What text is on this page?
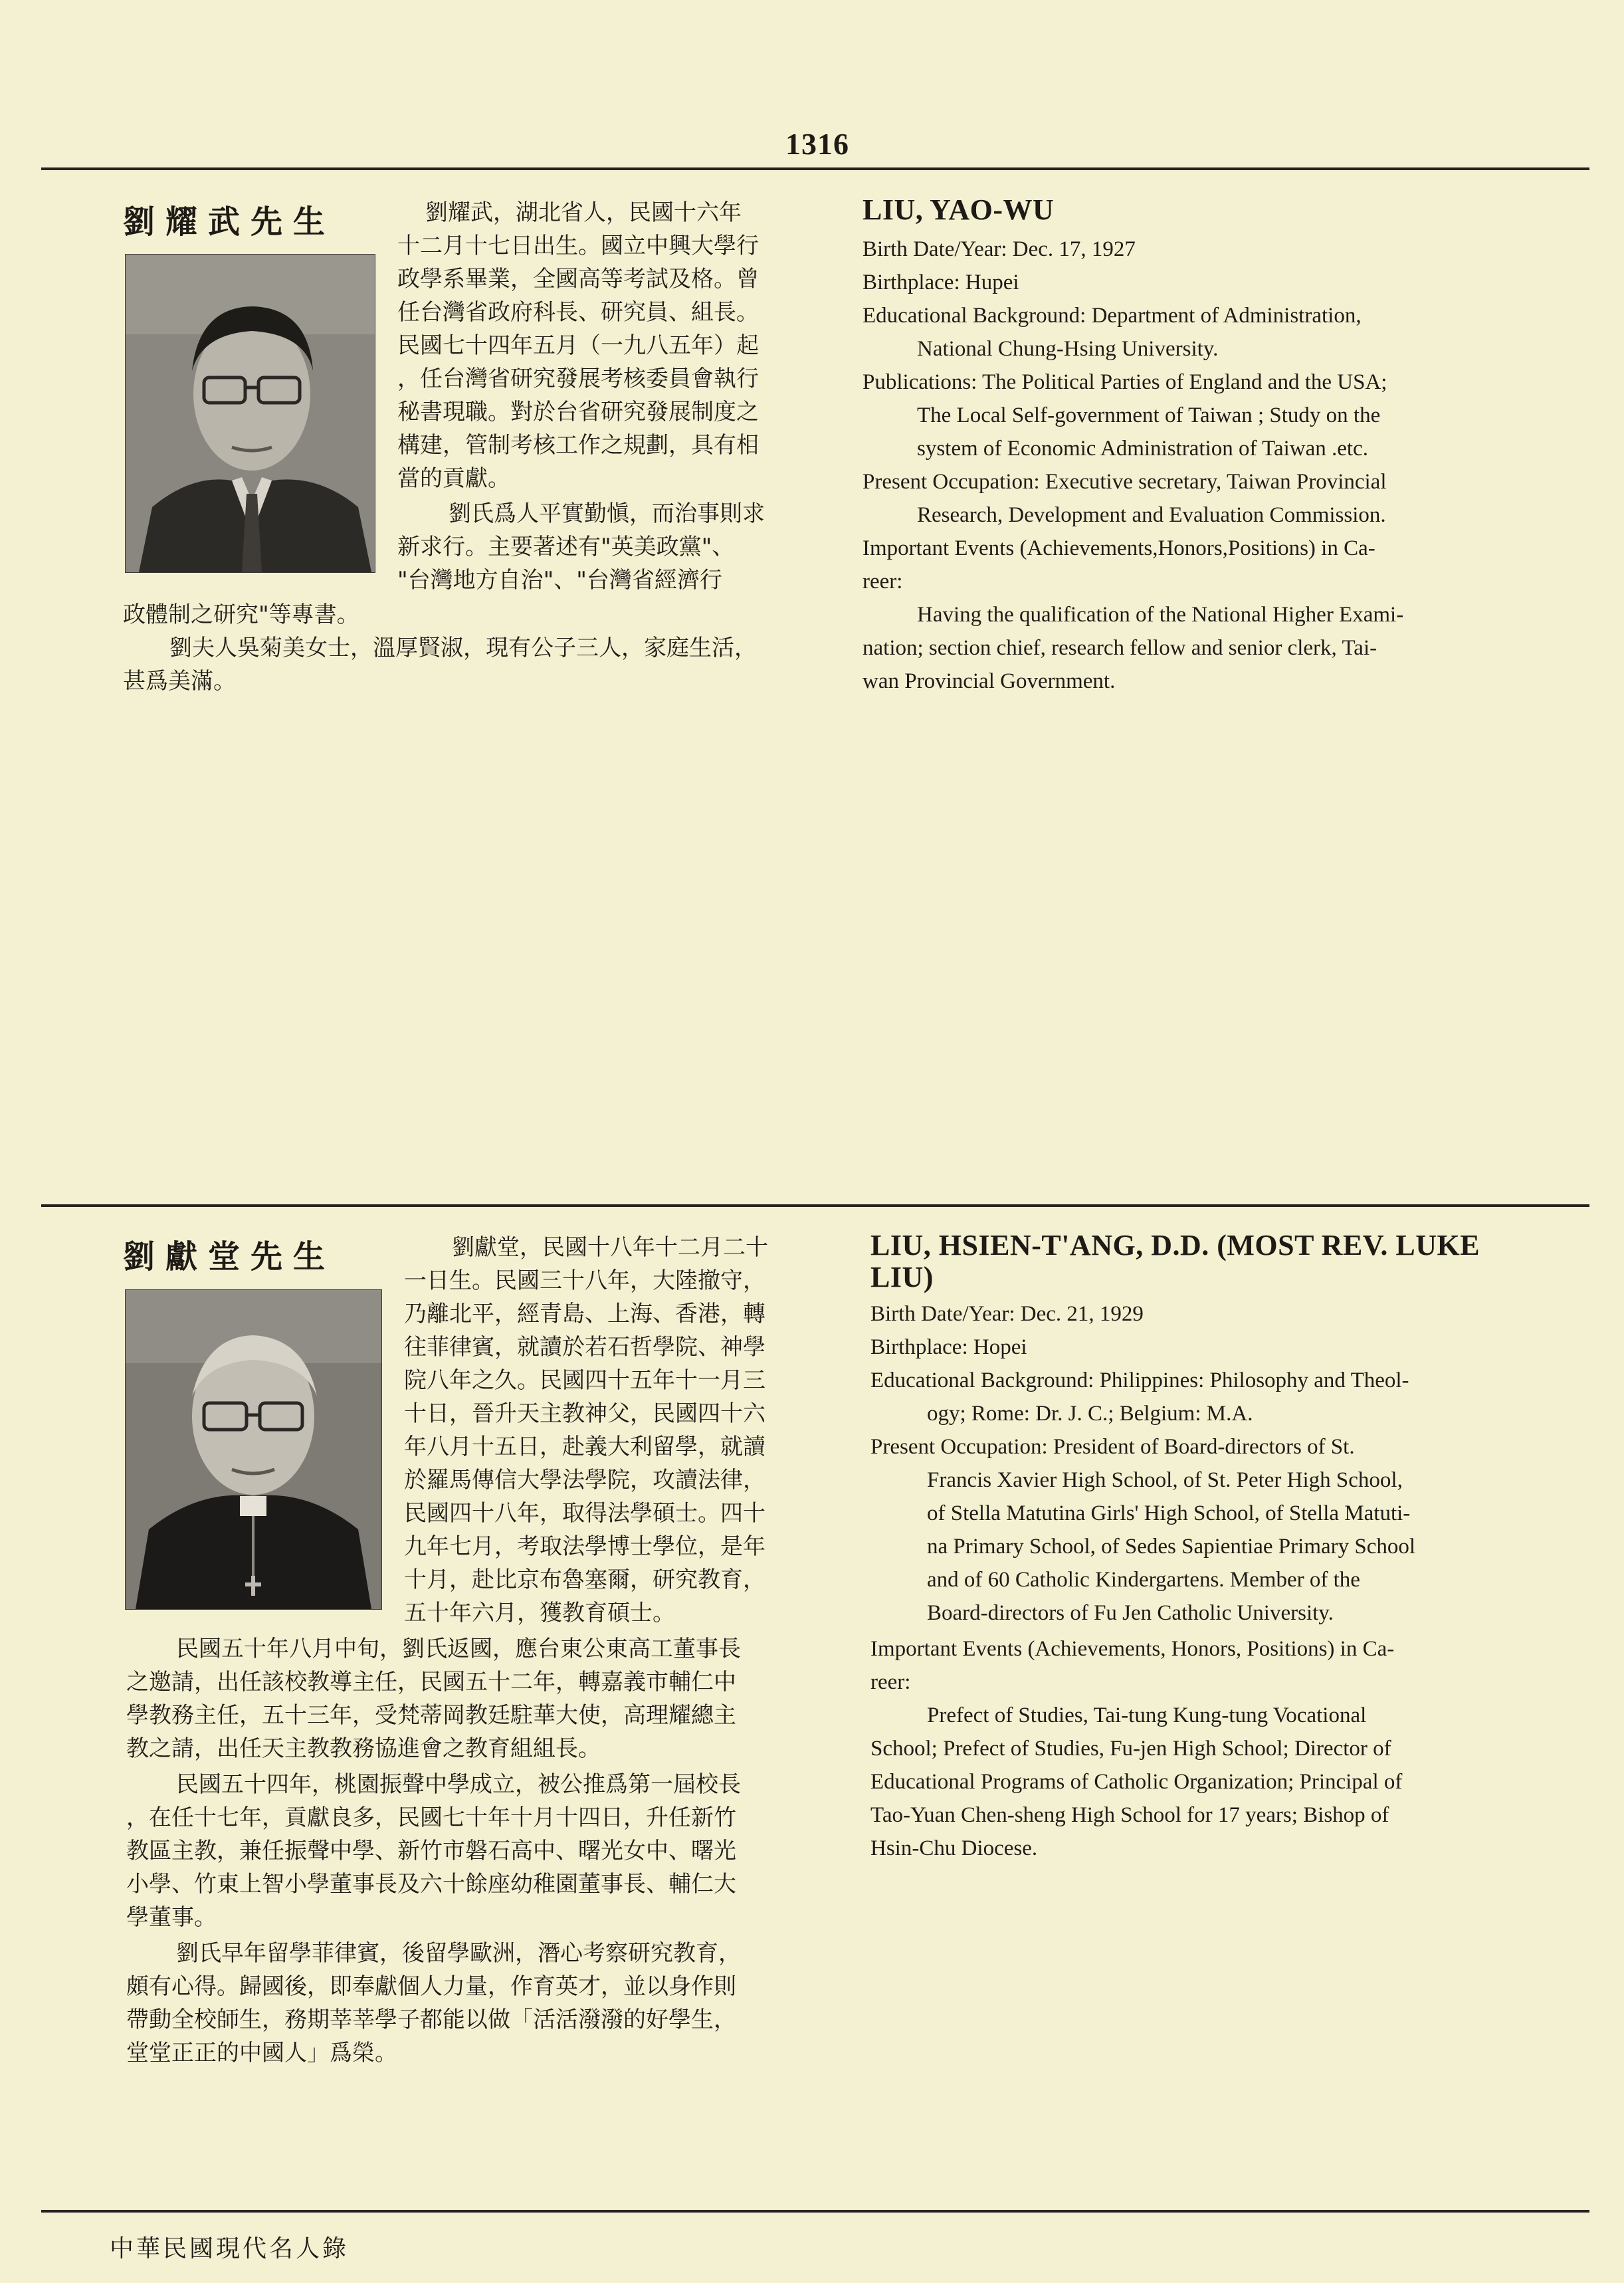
1316
劉耀武先生	劉耀武，湖北省人，民國十六年
十二月十七日出生。國立中興大學行
政學系畢業，全國高等考試及格。曾
任台灣省政府科長、研究員、組長。
民國七十四年五月（一九八五年）起
，任台灣省研究發展考核委員會執行
秘書現職。對於台省研究發展制度之
構建，管制考核工作之規劃，具有相
當的貢獻。
劉氏爲人平實勤愼，而治事則求
新求行。主要著述有"英美政黨"、
"台灣地方自治"、"台灣省經濟行
政體制之研究"等專書。
劉夫人吳菊美女士，溫厚賢淑，現有公子三人，家庭生活，
甚爲美滿。
LIU, YAO-WU
Birth Date/Year: Dec. 17, 1927
Birthplace: Hupei
Educational Background: Department of Administration,
National Chung-Hsing University.
Publications: The Political Parties of England and the USA;
The Local Self-government of Taiwan ; Study on the
system of Economic Administration of Taiwan .etc.
Present Occupation: Executive secretary, Taiwan Provincial
Research, Development and Evaluation Commission.
Important Events (Achievements,Honors,Positions) in Ca-
reer:
Having the qualification of the National Higher Exami-
nation; section chief, research fellow and senior clerk, Tai-
wan Provincial Government.
劉獻堂先生	劉獻堂，民國十八年十二月二十
一日生。民國三十八年，大陸撤守，
乃離北平，經青島、上海、香港，轉
往菲律賓，就讀於若石哲學院、神學
院八年之久。民國四十五年十一月三
十日，晉升天主教神父，民國四十六
年八月十五日，赴義大利留學，就讀
於羅馬傳信大學法學院，攻讀法律，
民國四十八年，取得法學碩士。四十
九年七月，考取法學博士學位，是年
十月，赴比京布魯塞爾，研究教育，
五十年六月，獲教育碩士。
民國五十年八月中旬，劉氏返國，應台東公東高工董事長
之邀請，出任該校教導主任，民國五十二年，轉嘉義市輔仁中
學教務主任，五十三年，受梵蒂岡教廷駐華大使，高理耀總主
教之請，出任天主教教務協進會之教育組組長。
民國五十四年，桃園振聲中學成立，被公推爲第一屆校長
，在任十七年，貢獻良多，民國七十年十月十四日，升任新竹
教區主教，兼任振聲中學、新竹市磐石高中、曙光女中、曙光
小學、竹東上智小學董事長及六十餘座幼稚園董事長、輔仁大
學董事。
劉氏早年留學菲律賓，後留學歐洲，潛心考察研究教育，
頗有心得。歸國後，即奉獻個人力量，作育英才，並以身作則
帶動全校師生，務期莘莘學子都能以做「活活潑潑的好學生，
堂堂正正的中國人」爲榮。
LIU, HSIEN-T'ANG, D.D. (MOST REV. LUKE
LIU)
Birth Date/Year: Dec. 21, 1929
Birthplace: Hopei
Educational Background: Philippines: Philosophy and Theol-
ogy; Rome: Dr. J. C.; Belgium: M.A.
Present Occupation: President of Board-directors of St.
Francis Xavier High School, of St. Peter High School,
of Stella Matutina Girls' High School, of Stella Matuti-
na Primary School, of Sedes Sapientiae Primary School
and of 60 Catholic Kindergartens. Member of the
Board-directors of Fu Jen Catholic University.
Important Events (Achievements, Honors, Positions) in Ca-
reer:
Prefect of Studies, Tai-tung Kung-tung Vocational
School; Prefect of Studies, Fu-jen High School; Director of
Educational Programs of Catholic Organization; Principal of
Tao-Yuan Chen-sheng High School for 17 years; Bishop of
Hsin-Chu Diocese.
中華民國現代名人錄
